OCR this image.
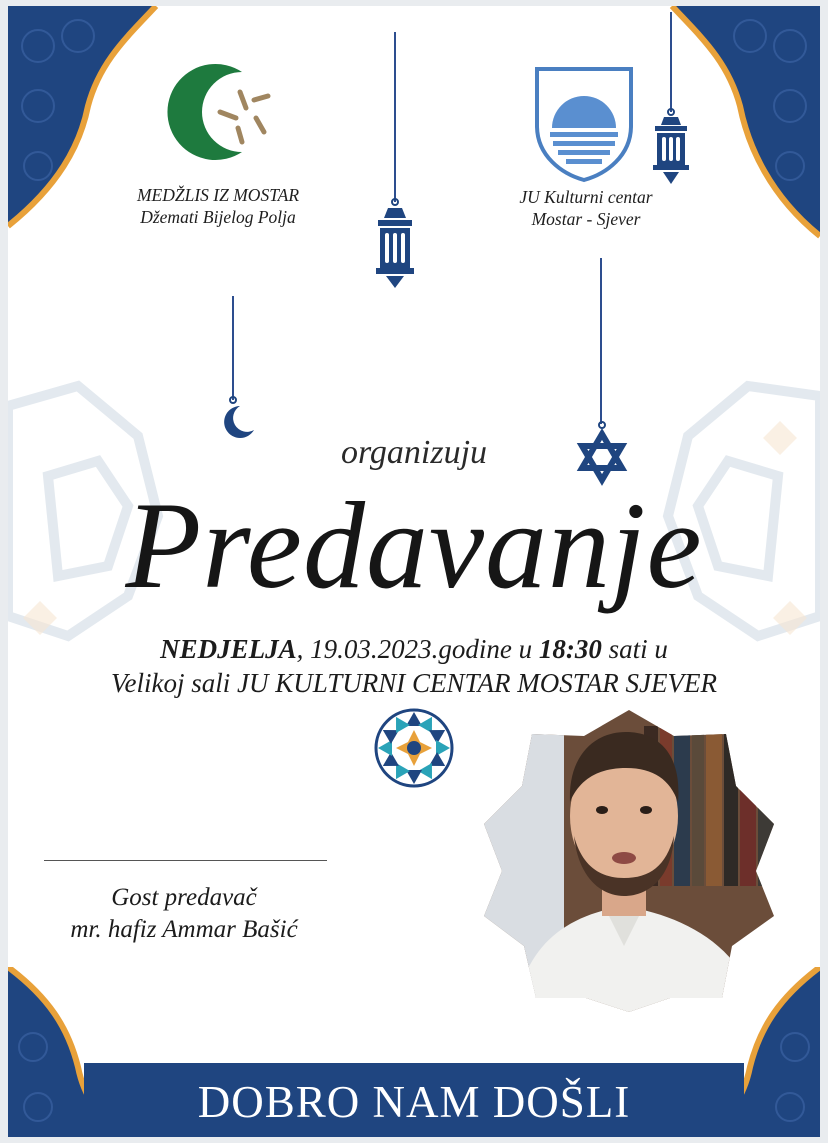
MEDŽLIS IZ MOSTAR
Džemati Bijelog Polja
JU Kulturni centar
Mostar - Sjever
organizuju
Predavanje
NEDJELJA, 19.03.2023.godine u 18:30 sati u
Velikoj sali JU KULTURNI CENTAR MOSTAR SJEVER
Gost predavač
mr. hafiz Ammar Bašić
DOBRO NAM DOŠLI
